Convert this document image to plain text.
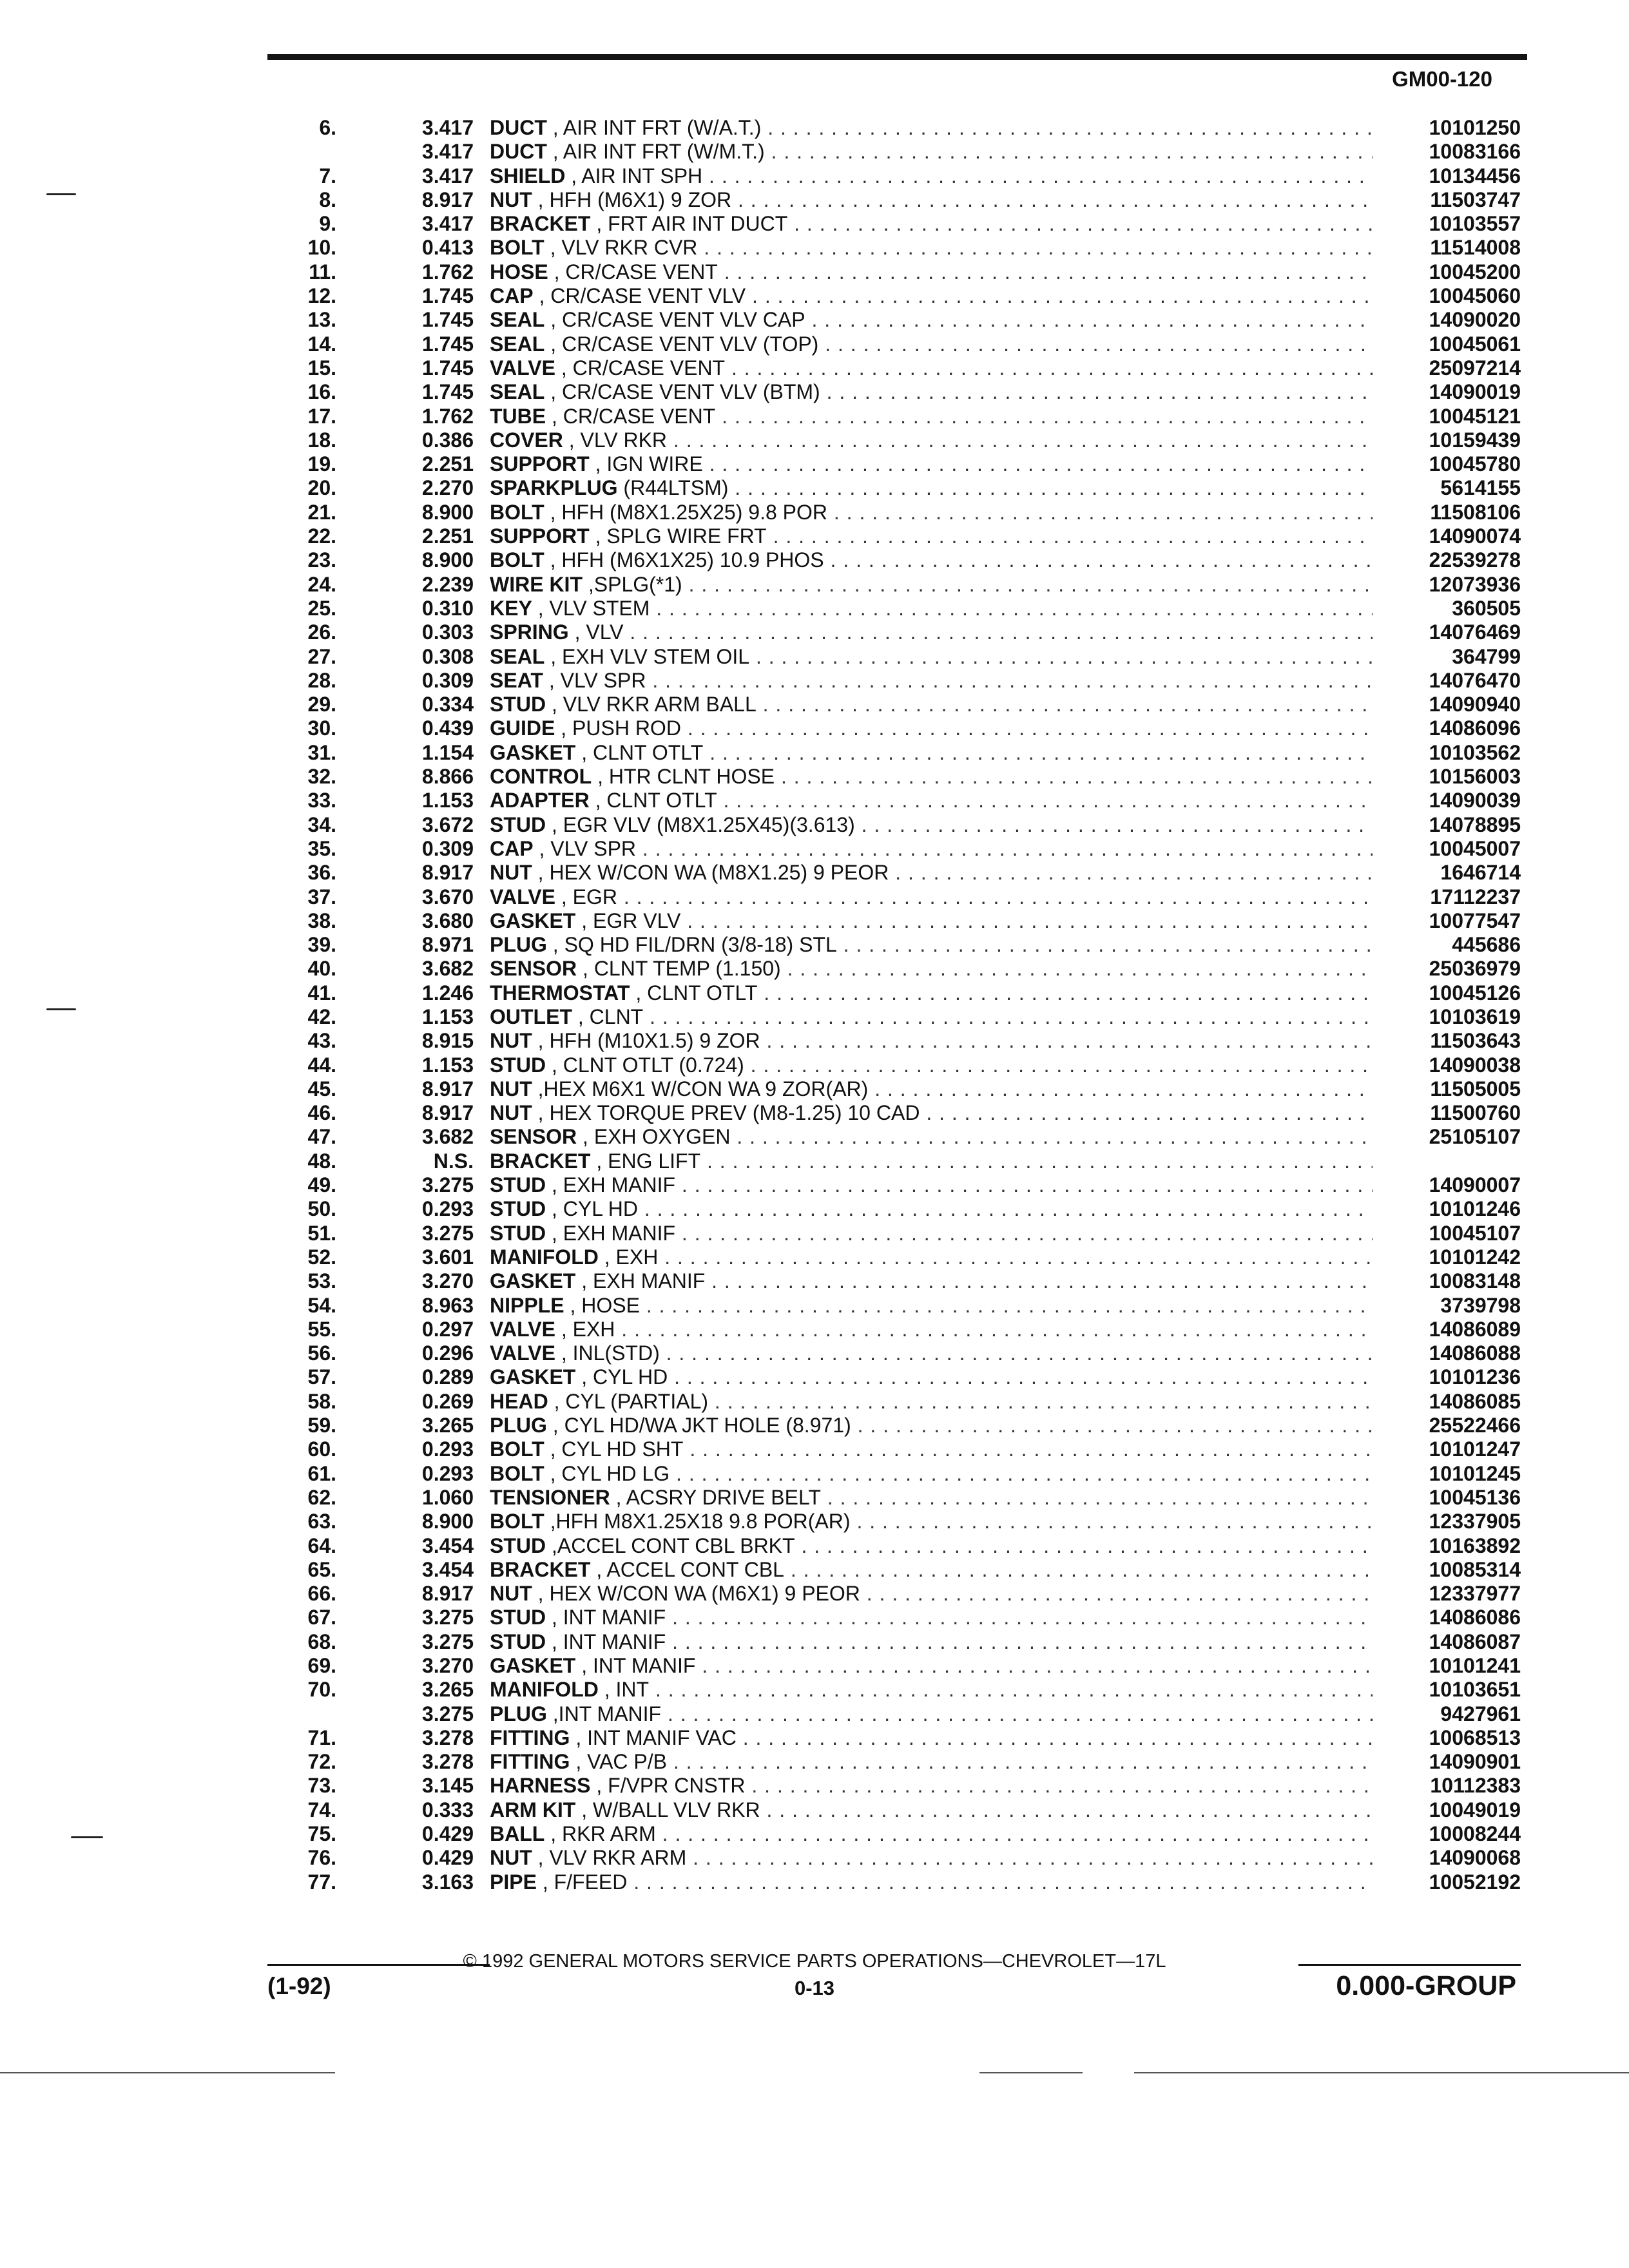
GM00-120
6.	3.417 DUCT , AIR INT FRT (W/A.T.) . . .	10101250
3.417 DUCT , AIR INT FRT (W/M.T.) . . .	10083166
7.	3.417 SHIELD , AIR INT SPH . . .	10134456
8.	8.917 NUT , HFH (M6X1) 9 ZOR . . .	11503747
9.	3.417 BRACKET , FRT AIR INT DUCT . . .	10103557
10.	0.413 BOLT , VLV RKR CVR . . .	11514008
11.	1.762 HOSE , CR/CASE VENT . . .	10045200
12.	1.745 CAP , CR/CASE VENT VLV . . .	10045060
13.	1.745 SEAL , CR/CASE VENT VLV CAP . . .	14090020
14.	1.745 SEAL , CR/CASE VENT VLV (TOP) . . .	10045061
15.	1.745 VALVE , CR/CASE VENT . . .	25097214
16.	1.745 SEAL , CR/CASE VENT VLV (BTM) . . .	14090019
17.	1.762 TUBE , CR/CASE VENT . . .	10045121
18.	0.386 COVER , VLV RKR . . .	10159439
19.	2.251 SUPPORT , IGN WIRE . . .	10045780
20.	2.270 SPARKPLUG (R44LTSM) . . .	5614155
21.	8.900 BOLT , HFH (M8X1.25X25) 9.8 POR . . .	11508106
22.	2.251 SUPPORT , SPLG WIRE FRT . . .	14090074
23.	8.900 BOLT , HFH (M6X1X25) 10.9 PHOS . . .	22539278
24.	2.239 WIRE KIT ,SPLG(*1) . . .	12073936
25.	0.310 KEY , VLV STEM . . .	360505
26.	0.303 SPRING , VLV . . .	14076469
27.	0.308 SEAL , EXH VLV STEM OIL . . .	364799
28.	0.309 SEAT , VLV SPR . . .	14076470
29.	0.334 STUD , VLV RKR ARM BALL . . .	14090940
30.	0.439 GUIDE , PUSH ROD . . .	14086096
31.	1.154 GASKET , CLNT OTLT . . .	10103562
32.	8.866 CONTROL , HTR CLNT HOSE . . .	10156003
33.	1.153 ADAPTER , CLNT OTLT . . .	14090039
34.	3.672 STUD , EGR VLV (M8X1.25X45)(3.613) . . .	14078895
35.	0.309 CAP , VLV SPR . . .	10045007
36.	8.917 NUT , HEX W/CON WA (M8X1.25) 9 PEOR . . .	1646714
37.	3.670 VALVE , EGR . . .	17112237
38.	3.680 GASKET , EGR VLV . . .	10077547
39.	8.971 PLUG , SQ HD FIL/DRN (3/8-18) STL . . .	445686
40.	3.682 SENSOR , CLNT TEMP (1.150) . . .	25036979
41.	1.246 THERMOSTAT , CLNT OTLT . . .	10045126
42.	1.153 OUTLET , CLNT . . .	10103619
43.	8.915 NUT , HFH (M10X1.5) 9 ZOR . . .	11503643
44.	1.153 STUD , CLNT OTLT (0.724) . . .	14090038
45.	8.917 NUT ,HEX M6X1 W/CON WA 9 ZOR(AR) . . .	11505005
46.	8.917 NUT , HEX TORQUE PREV (M8-1.25) 10 CAD . . .	11500760
47.	3.682 SENSOR , EXH OXYGEN . . .	25105107
48.	N.S. BRACKET , ENG LIFT . . .
49.	3.275 STUD , EXH MANIF . . .	14090007
50.	0.293 STUD , CYL HD . . .	10101246
51.	3.275 STUD , EXH MANIF . . .	10045107
52.	3.601 MANIFOLD , EXH . . .	10101242
53.	3.270 GASKET , EXH MANIF . . .	10083148
54.	8.963 NIPPLE , HOSE . . .	3739798
55.	0.297 VALVE , EXH . . .	14086089
56.	0.296 VALVE , INL(STD) . . .	14086088
57.	0.289 GASKET , CYL HD . . .	10101236
58.	0.269 HEAD , CYL (PARTIAL) . . .	14086085
59.	3.265 PLUG , CYL HD/WA JKT HOLE (8.971) . . .	25522466
60.	0.293 BOLT , CYL HD SHT . . .	10101247
61.	0.293 BOLT , CYL HD LG . . .	10101245
62.	1.060 TENSIONER , ACSRY DRIVE BELT . . .	10045136
63.	8.900 BOLT ,HFH M8X1.25X18 9.8 POR(AR) . . .	12337905
64.	3.454 STUD ,ACCEL CONT CBL BRKT . . .	10163892
65.	3.454 BRACKET , ACCEL CONT CBL . . .	10085314
66.	8.917 NUT , HEX W/CON WA (M6X1) 9 PEOR . . .	12337977
67.	3.275 STUD , INT MANIF . . .	14086086
68.	3.275 STUD , INT MANIF . . .	14086087
69.	3.270 GASKET , INT MANIF . . .	10101241
70.	3.265 MANIFOLD , INT . . .	10103651
3.275 PLUG ,INT MANIF . . .	9427961
71.	3.278 FITTING , INT MANIF VAC . . .	10068513
72.	3.278 FITTING , VAC P/B . . .	14090901
73.	3.145 HARNESS , F/VPR CNSTR . . .	10112383
74.	0.333 ARM KIT , W/BALL VLV RKR . . .	10049019
75.	0.429 BALL , RKR ARM . . .	10008244
76.	0.429 NUT , VLV RKR ARM . . .	14090068
77.	3.163 PIPE , F/FEED . . .	10052192
© 1992 GENERAL MOTORS SERVICE PARTS OPERATIONS—CHEVROLET—17L
(1-92)	0-13	0.000-GROUP
